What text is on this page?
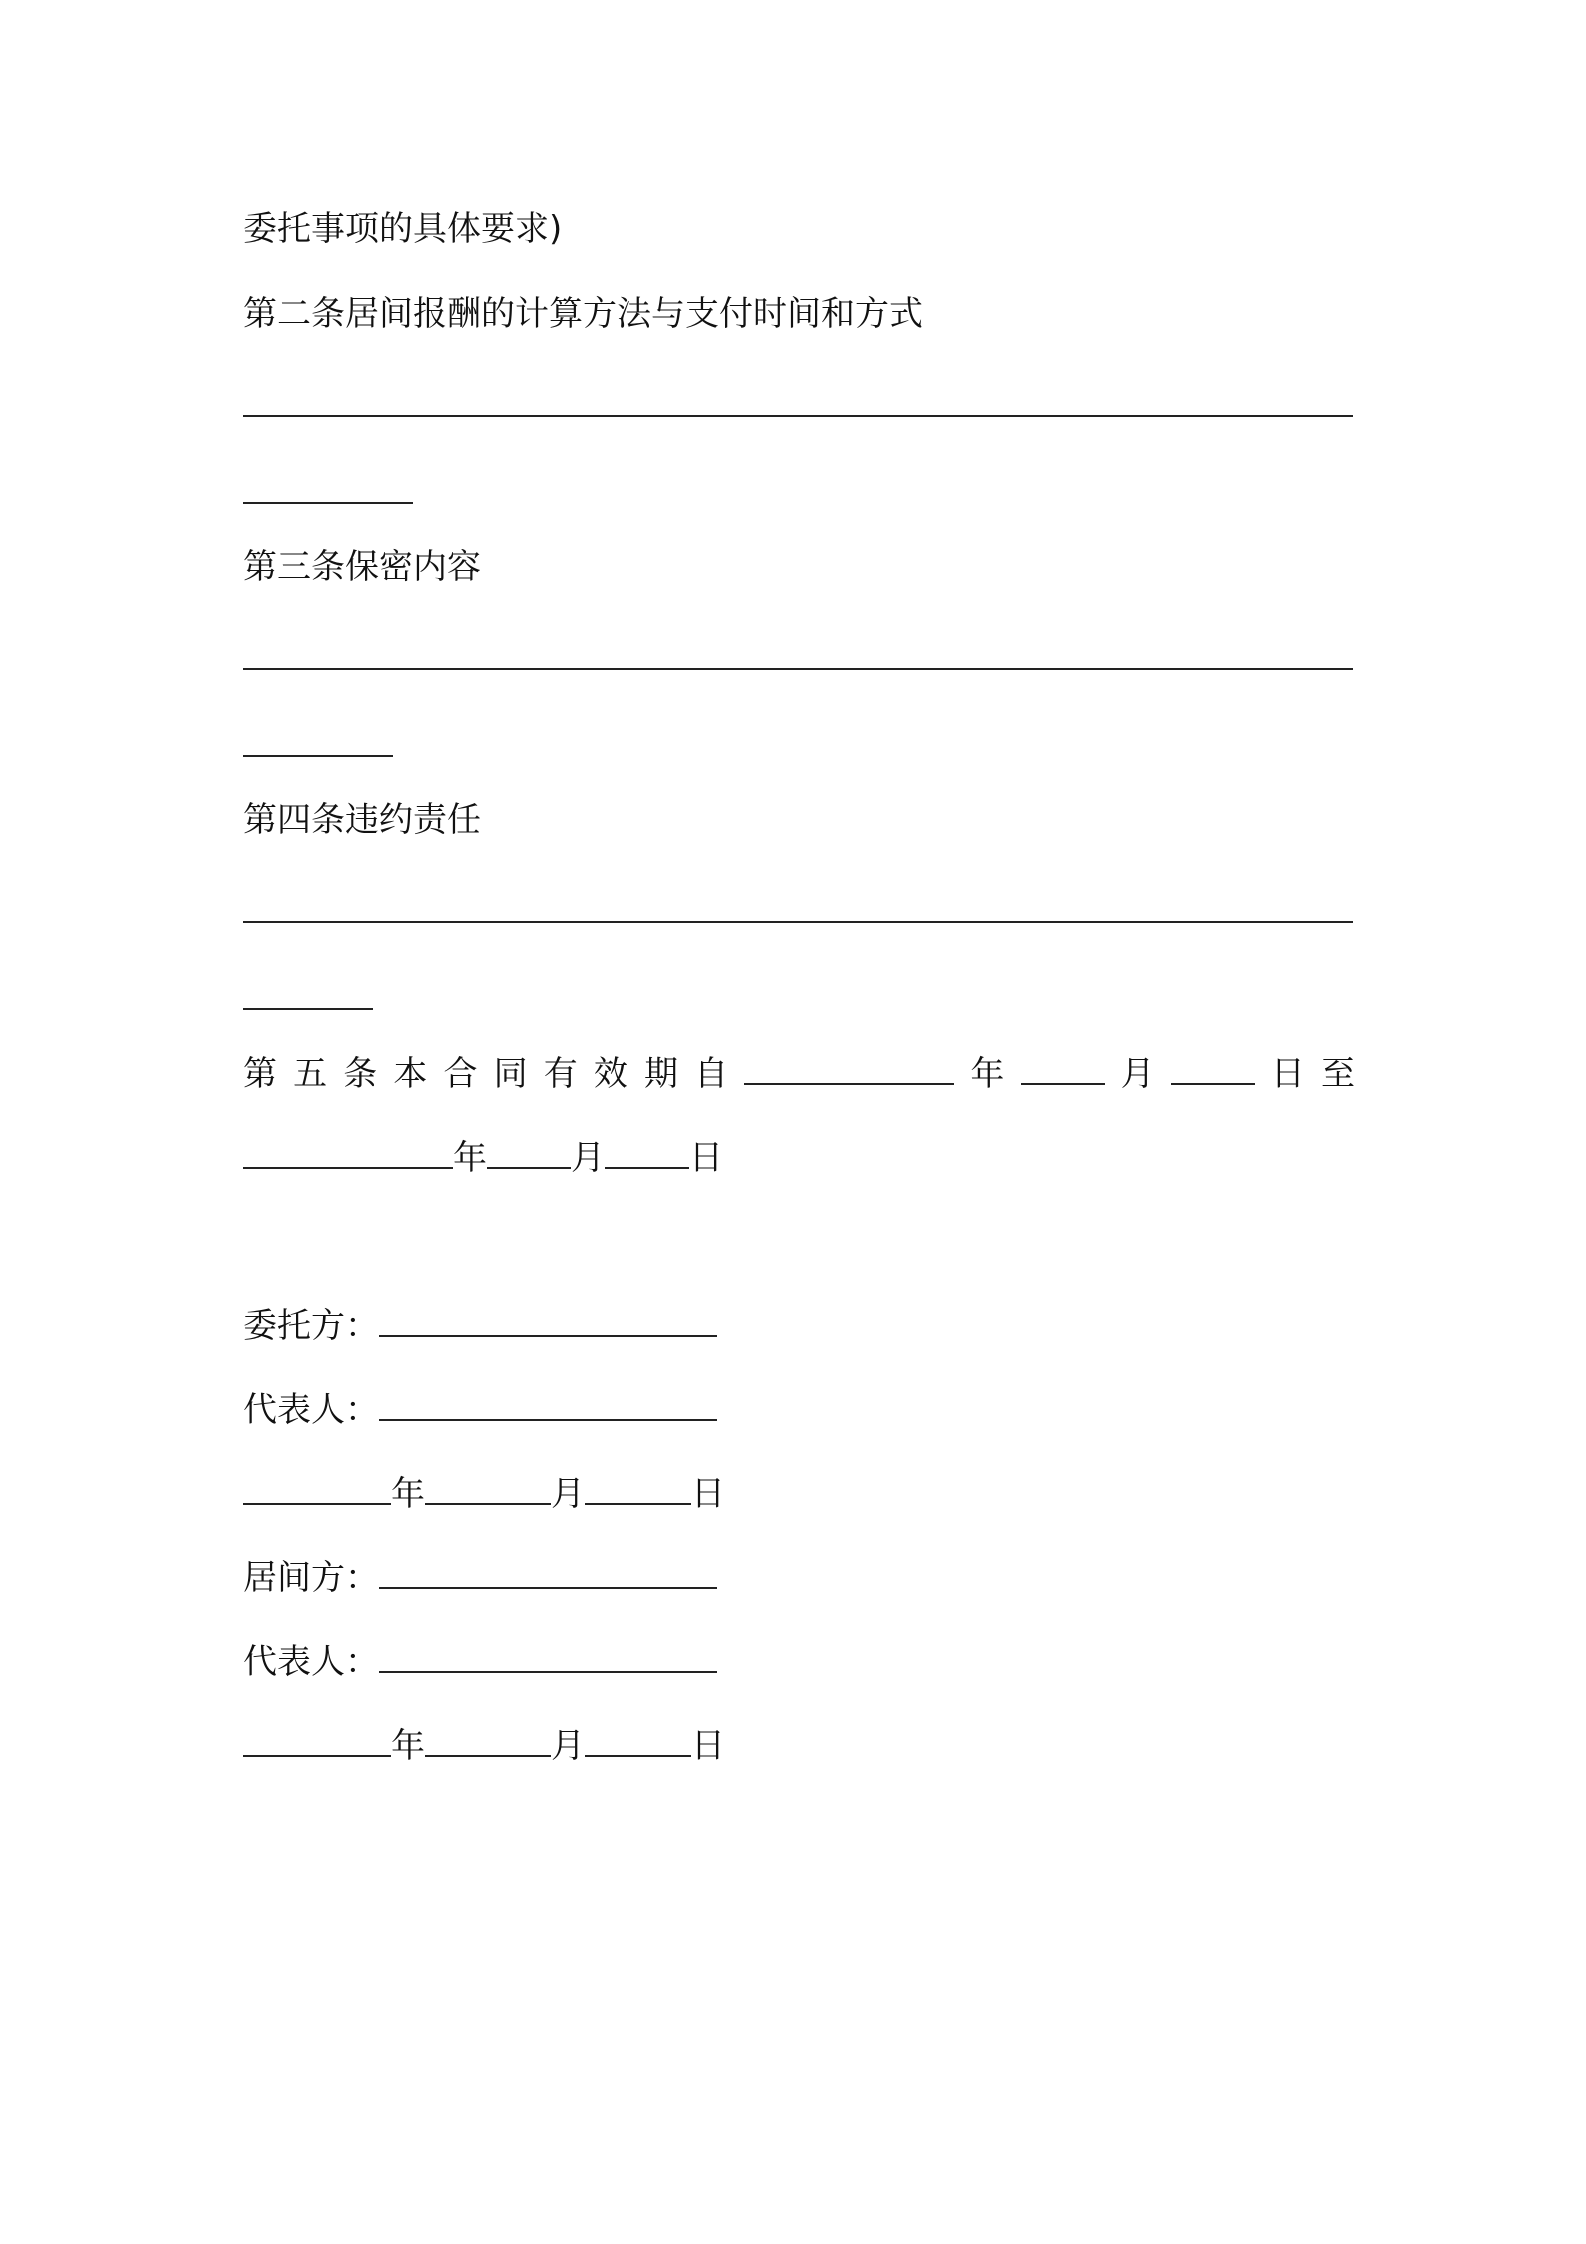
委托事项的具体要求)
第二条居间报酬的计算方法与支付时间和方式
第三条保密内容
第四条违约责任
第 五 条 本 合 同 有 效 期 自	年	月	日 至
年 月 日
委托方：
代表人：
年	月	日
居间方：
代表人：
年	月	日
